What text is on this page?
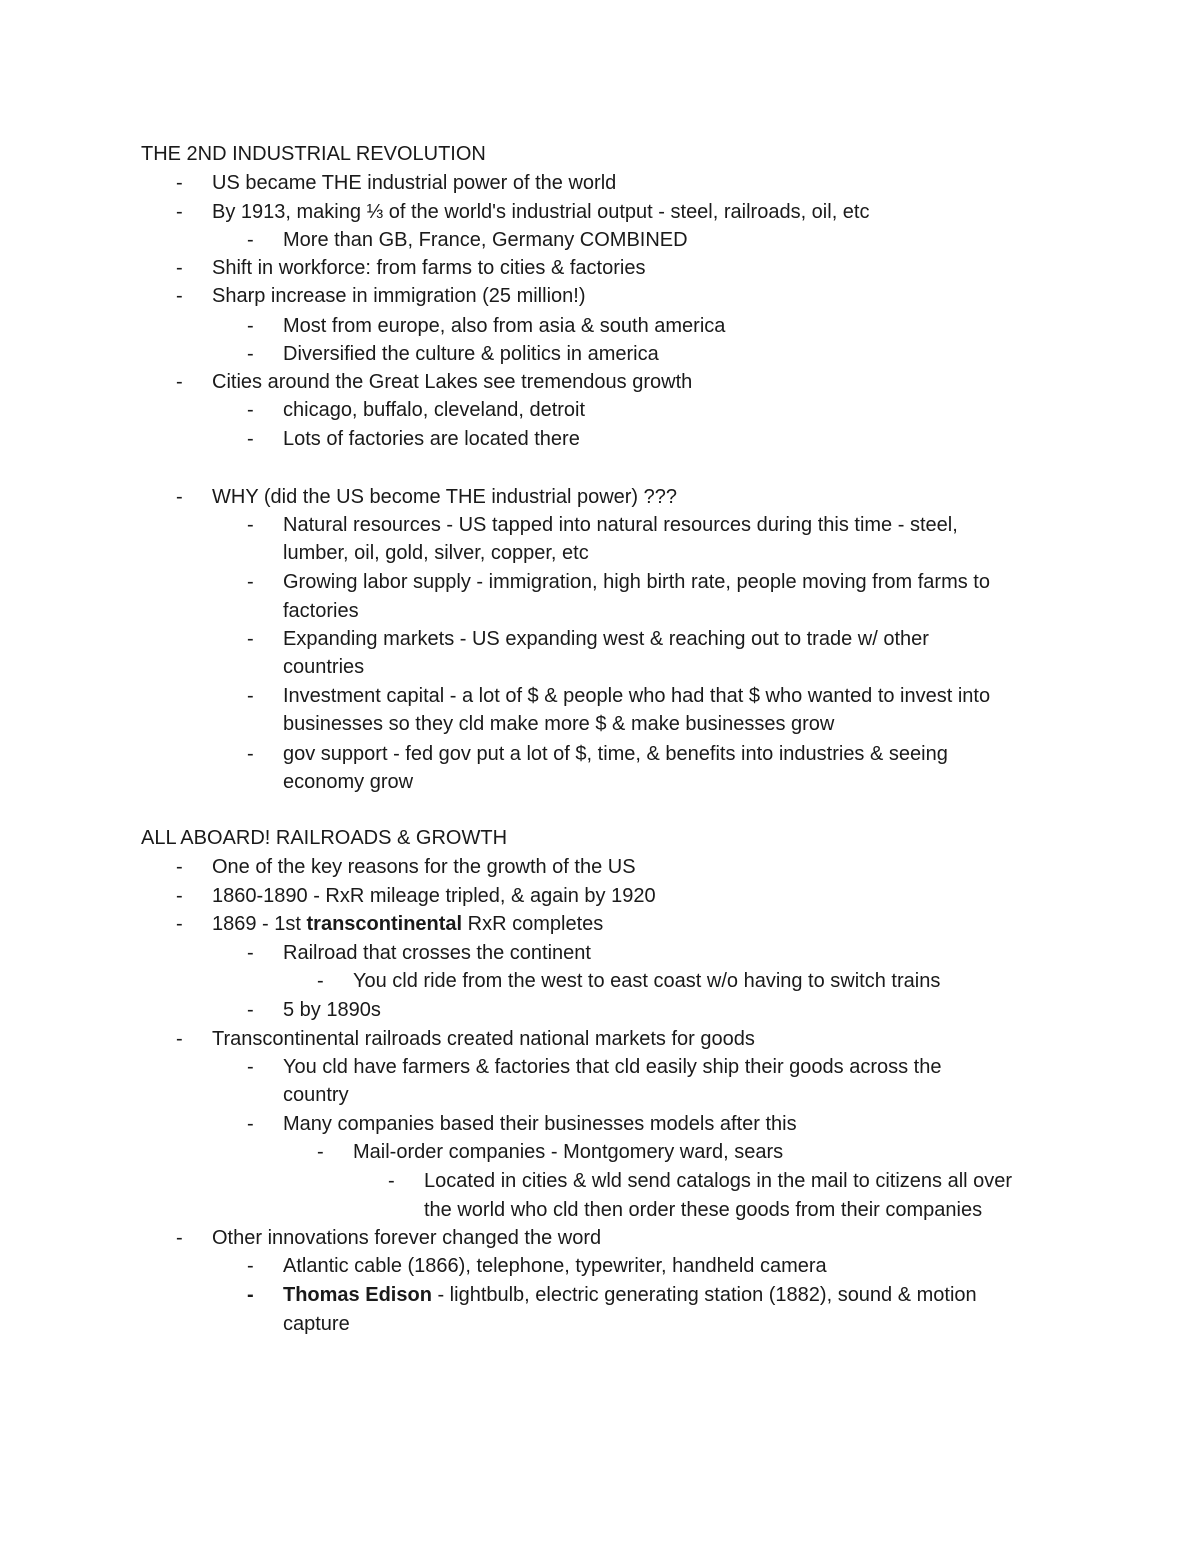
THE 2ND INDUSTRIAL REVOLUTION
-	US became THE industrial power of the world
-	By 1913, making ⅓ of the world's industrial output - steel, railroads, oil, etc
-	More than GB, France, Germany COMBINED
-	Shift in workforce: from farms to cities & factories
-	Sharp increase in immigration (25 million!)
-	Most from europe, also from asia & south america
-	Diversified the culture & politics in america
-	Cities around the Great Lakes see tremendous growth
-	chicago, buffalo, cleveland, detroit
-	Lots of factories are located there
-	WHY (did the US become THE industrial power) ???
-	Natural resources - US tapped into natural resources during this time - steel,
lumber, oil, gold, silver, copper, etc
-	Growing labor supply - immigration, high birth rate, people moving from farms to
factories
-	Expanding markets - US expanding west & reaching out to trade w/ other
countries
-	Investment capital - a lot of $ & people who had that $ who wanted to invest into
businesses so they cld make more $ & make businesses grow
-	gov support - fed gov put a lot of $, time, & benefits into industries & seeing
economy grow
ALL ABOARD! RAILROADS & GROWTH
-	One of the key reasons for the growth of the US
-	1860-1890 - RxR mileage tripled, & again by 1920
-	1869 - 1st transcontinental RxR completes
-	Railroad that crosses the continent
-	You cld ride from the west to east coast w/o having to switch trains
-	5 by 1890s
-	Transcontinental railroads created national markets for goods
-	You cld have farmers & factories that cld easily ship their goods across the
country
-	Many companies based their businesses models after this
-	Mail-order companies - Montgomery ward, sears
-	Located in cities & wld send catalogs in the mail to citizens all over
the world who cld then order these goods from their companies
-	Other innovations forever changed the word
-	Atlantic cable (1866), telephone, typewriter, handheld camera
-	Thomas Edison - lightbulb, electric generating station (1882), sound & motion
capture
